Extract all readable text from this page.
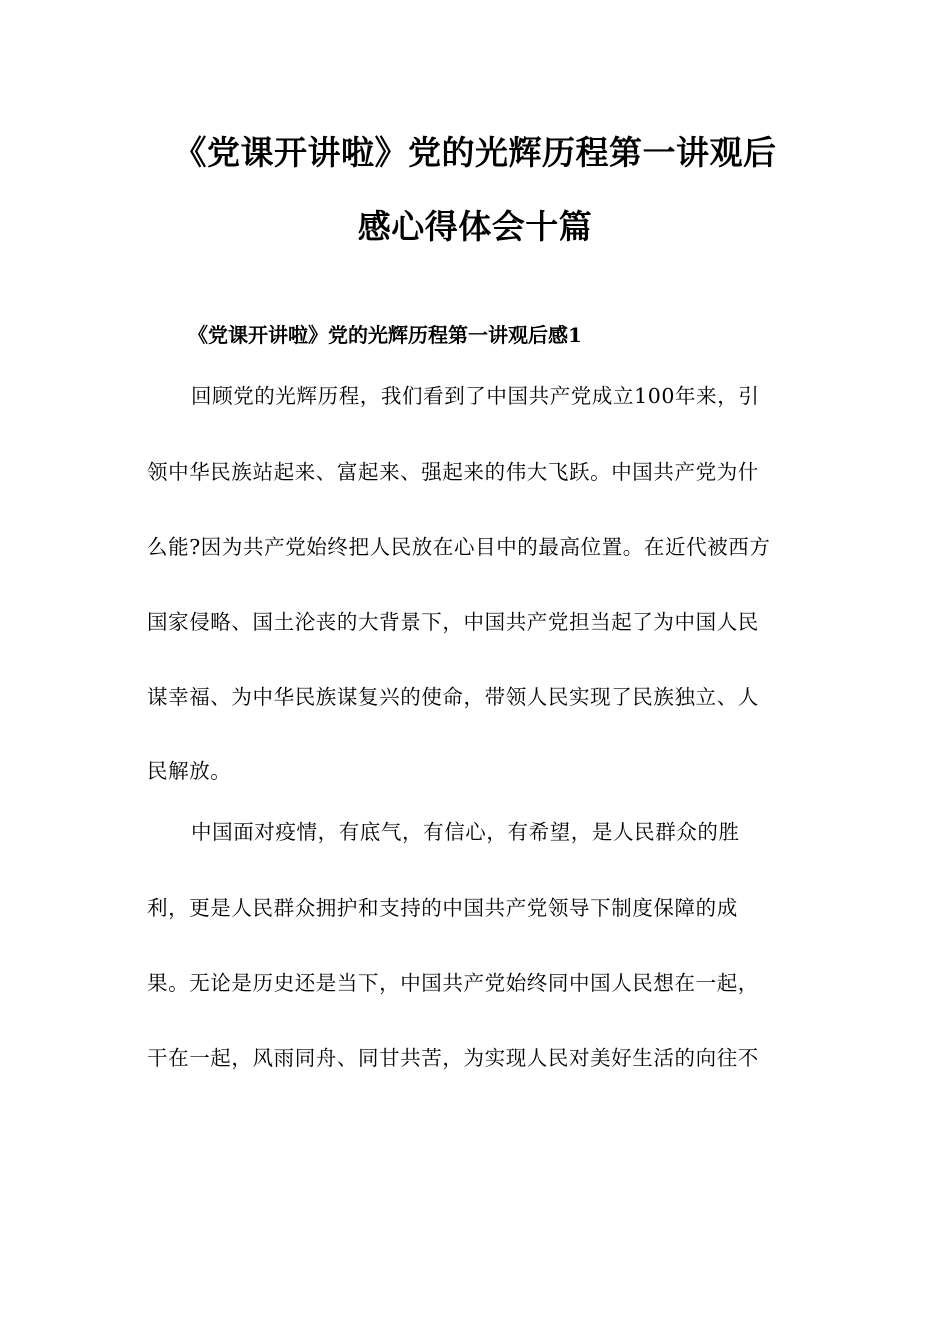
《党课开讲啦》党的光辉历程第一讲观后
感心得体会十篇
《党课开讲啦》党的光辉历程第一讲观后感1
回顾党的光辉历程，我们看到了中国共产党成立100年来，引
领中华民族站起来、富起来、强起来的伟大飞跃。中国共产党为什
么能?因为共产党始终把人民放在心目中的最高位置。在近代被西方
国家侵略、国土沦丧的大背景下，中国共产党担当起了为中国人民
谋幸福、为中华民族谋复兴的使命，带领人民实现了民族独立、人
民解放。
中国面对疫情，有底气，有信心，有希望，是人民群众的胜
利，更是人民群众拥护和支持的中国共产党领导下制度保障的成
果。无论是历史还是当下，中国共产党始终同中国人民想在一起，
干在一起，风雨同舟、同甘共苦，为实现人民对美好生活的向往不
